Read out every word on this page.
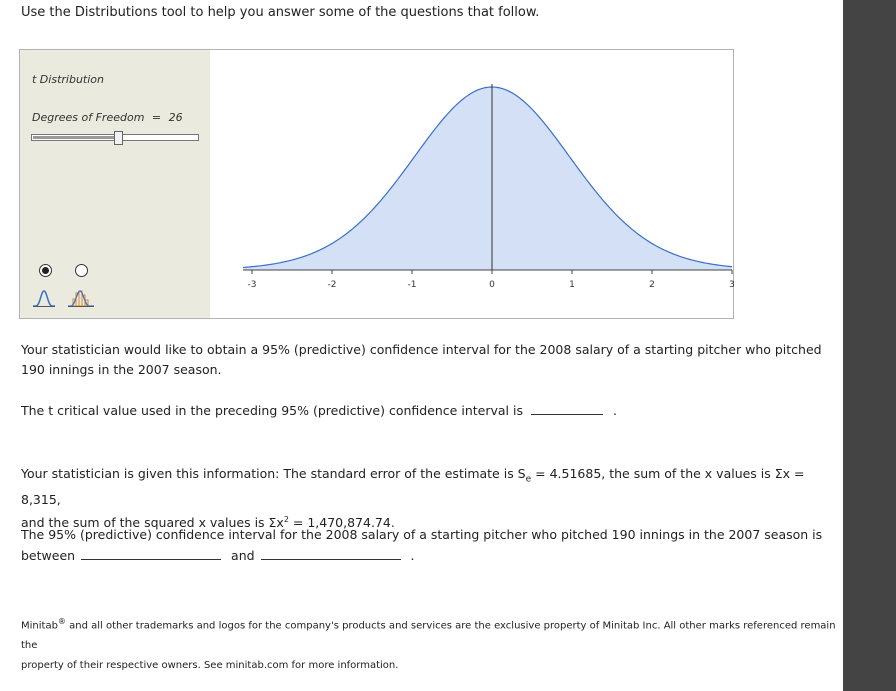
Use the Distributions tool to help you answer some of the questions that follow.
t Distribution
Degrees of Freedom = 26
-3	-2	-1	0	1	2	3
Your statistician would like to obtain a 95% (predictive) confidence interval for the 2008 salary of a starting pitcher who pitched 190 innings in the 2007 season.
The t critical value used in the preceding 95% (predictive) confidence interval is	.
Your statistician is given this information: The standard error of the estimate is $S_e = 4.51685$, the sum of the x values is Σx = 8,315,
and the sum of the squared x values is $\Sigma x^2 = 1,470,874.74$.
The 95% (predictive) confidence interval for the 2008 salary of a starting pitcher who pitched 190 innings in the 2007 season is
between	and	.
Minitab® and all other trademarks and logos for the company's products and services are the exclusive property of Minitab Inc. All other marks referenced remain the
property of their respective owners. See minitab.com for more information.
